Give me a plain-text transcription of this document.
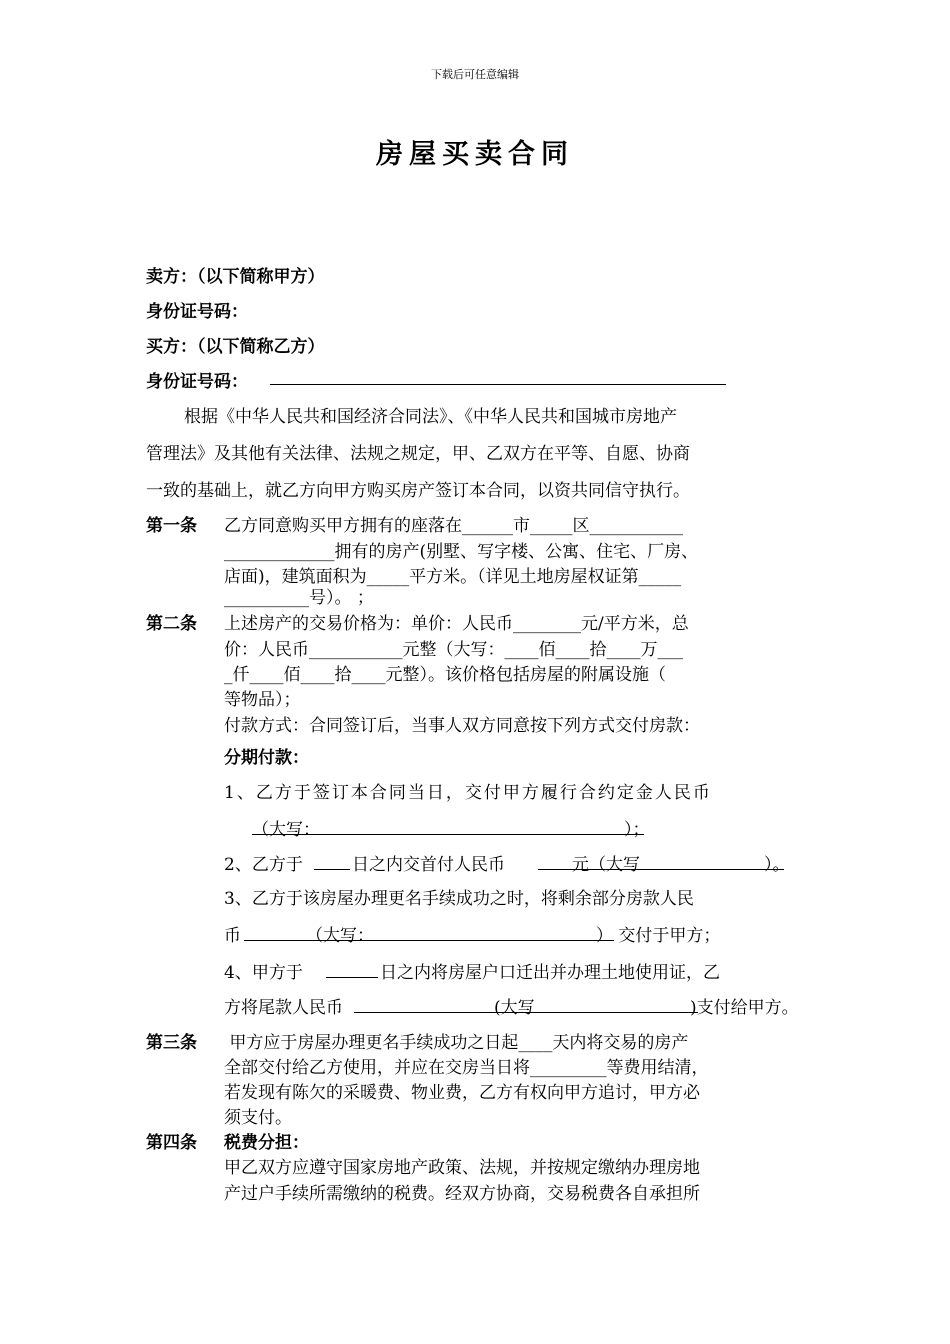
下载后可任意编辑
房屋买卖合同
卖方：（以下简称甲方）
身份证号码：
买方：（以下简称乙方）
身份证号码：
根据《中华人民共和国经济合同法》、《中华人民共和国城市房地产
管理法》及其他有关法律、法规之规定，甲、乙双方在平等、自愿、协商
一致的基础上，就乙方向甲方购买房产签订本合同，以资共同信守执行。
第一条 乙方同意购买甲方拥有的座落在______市_____区___________
_____________拥有的房产(别墅、写字楼、公寓、住宅、厂房、
店面)，建筑面积为_____平方米。（详见土地房屋权证第_____
__________号）。 ；
第二条 上述房产的交易价格为：单价：人民币________元/平方米，总
价：人民币___________元整（大写：____佰____拾____万___
_仟____佰____拾____元整）。该价格包括房屋的附属设施（
等物品）；
付款方式：合同签订后，当事人双方同意按下列方式交付房款：
分期付款：
1、乙方于签订本合同当日，交付甲方履行合约定金人民币
（大写：	）；
2、乙方于	日之内交首付人民币	元（大写	）。
3、乙方于该房屋办理更名手续成功之时，将剩余部分房款人民
币	（大写：	） 交付于甲方；
4、甲方于	日之内将房屋户口迁出并办理土地使用证，乙
方将尾款人民币	(大写	)支付给甲方。
第三条 甲方应于房屋办理更名手续成功之日起____天内将交易的房产
全部交付给乙方使用，并应在交房当日将_________等费用结清，
若发现有陈欠的采暖费、物业费，乙方有权向甲方追讨，甲方必
须支付。
第四条 税费分担：
甲乙双方应遵守国家房地产政策、法规，并按规定缴纳办理房地
产过户手续所需缴纳的税费。经双方协商，交易税费各自承担所
